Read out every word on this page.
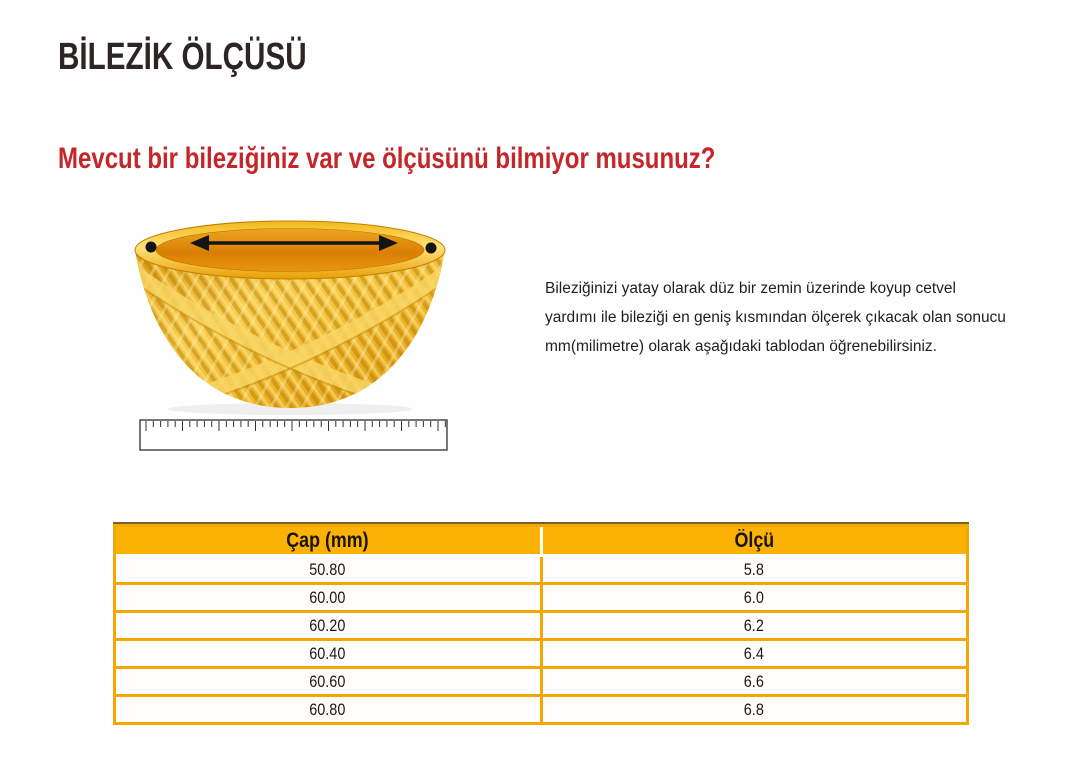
BİLEZİK ÖLÇÜSÜ
Mevcut bir bileziğiniz var ve ölçüsünü bilmiyor musunuz?
Bileziğinizi yatay olarak düz bir zemin üzerinde koyup cetvel
yardımı ile bileziği en geniş kısmından ölçerek çıkacak olan sonucu
mm(milimetre) olarak aşağıdaki tablodan öğrenebilirsiniz.
Çap (mm)	Ölçü
50.80	5.8
60.00	6.0
60.20	6.2
60.40	6.4
60.60	6.6
60.80	6.8
